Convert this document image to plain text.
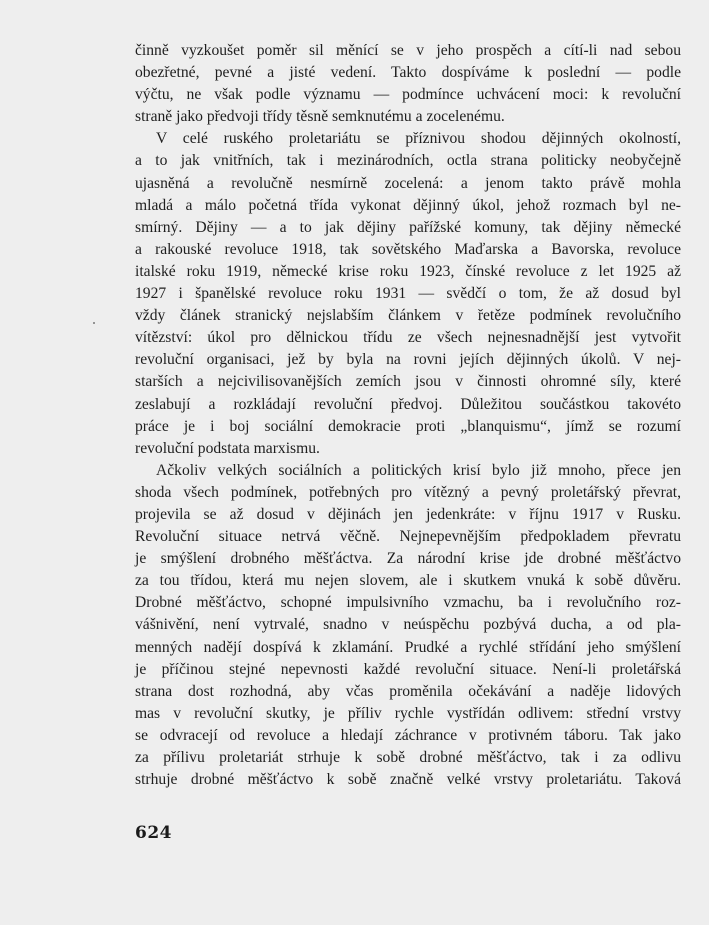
činně vyzkoušet poměr sil měnící se v jeho prospěch a cítí-li nad sebou
obezřetné, pevné a jisté vedení. Takto dospíváme k poslední — podle
výčtu, ne však podle významu — podmínce uchvácení moci: k revoluční
straně jako předvoji třídy těsně semknutému a zocelenému.
V celé ruského proletariátu se příznivou shodou dějinných okolností,
a to jak vnitřních, tak i mezinárodních, octla strana politicky neobyčejně
ujasněná a revolučně nesmírně zocelená: a jenom takto právě mohla
mladá a málo početná třída vykonat dějinný úkol, jehož rozmach byl ne-
smírný. Dějiny — a to jak dějiny pařížské komuny, tak dějiny německé
a rakouské revoluce 1918, tak sovětského Maďarska a Bavorska, revoluce
italské roku 1919, německé krise roku 1923, čínské revoluce z let 1925 až
1927 i španělské revoluce roku 1931 — svědčí o tom, že až dosud byl
vždy článek stranický nejslabším článkem v řetěze podmínek revolučního
vítězství: úkol pro dělnickou třídu ze všech nejnesnadnější jest vytvořit
revoluční organisaci, jež by byla na rovni jejích dějinných úkolů. V nej-
starších a nejcivilisovanějších zemích jsou v činnosti ohromné síly, které
zeslabují a rozkládají revoluční předvoj. Důležitou součástkou takovéto
práce je i boj sociální demokracie proti „blanquismu“, jímž se rozumí
revoluční podstata marxismu.
Ačkoliv velkých sociálních a politických krisí bylo již mnoho, přece jen
shoda všech podmínek, potřebných pro vítězný a pevný proletářský převrat,
projevila se až dosud v dějinách jen jedenkráte: v říjnu 1917 v Rusku.
Revoluční situace netrvá věčně. Nejnepevnějším předpokladem převratu
je smýšlení drobného měšťáctva. Za národní krise jde drobné měšťáctvo
za tou třídou, která mu nejen slovem, ale i skutkem vnuká k sobě důvěru.
Drobné měšťáctvo, schopné impulsivního vzmachu, ba i revolučního roz-
vášnivění, není vytrvalé, snadno v neúspěchu pozbývá ducha, a od pla-
menných nadějí dospívá k zklamání. Prudké a rychlé střídání jeho smýšlení
je příčinou stejné nepevnosti každé revoluční situace. Není-li proletářská
strana dost rozhodná, aby včas proměnila očekávání a naděje lidových
mas v revoluční skutky, je příliv rychle vystřídán odlivem: střední vrstvy
se odvracejí od revoluce a hledají záchrance v protivném táboru. Tak jako
za přílivu proletariát strhuje k sobě drobné měšťáctvo, tak i za odlivu
strhuje drobné měšťáctvo k sobě značně velké vrstvy proletariátu. Taková
624
